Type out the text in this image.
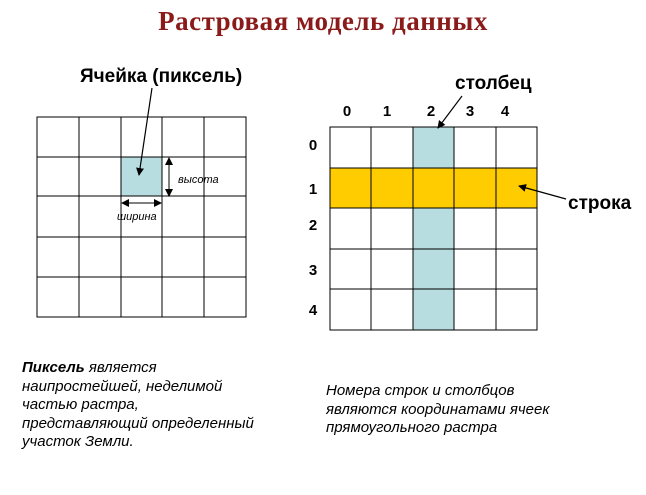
Растровая модель данных
Ячейка (пиксель)
высота
ширина
столбец
строка
0	1	2	3	4
0
1
2
3
4
Пиксель является наипростейшей, неделимой частью растра, представляющий определенный участок Земли.
Номера строк и столбцов являются координатами ячеек прямоугольного растра
